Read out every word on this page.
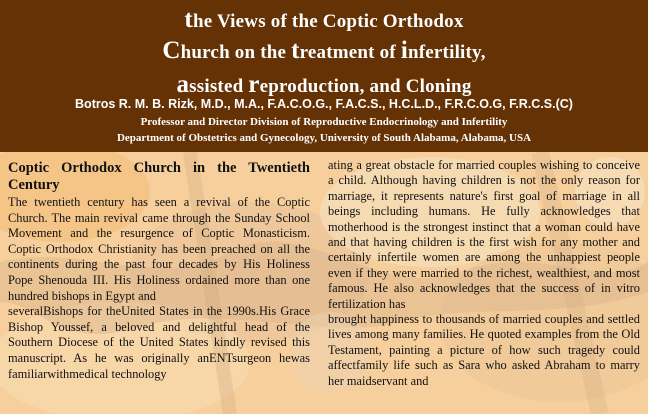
the Views of the Coptic Orthodox
Church on the treatment of infertility,
assisted reproduction, and Cloning
Botros R. M. B. Rizk, M.D., M.A., F.A.C.O.G., F.A.C.S., H.C.L.D., F.R.C.O.G, F.R.C.S.(C)
Professor and Director Division of Reproductive Endocrinology and Infertility
Department of Obstetrics and Gynecology, University of South Alabama, Alabama, USA
Coptic Orthodox Church in the Twentieth Century

The twentieth century has seen a revival of the Coptic Church. The main revival came through the Sunday School Movement and the resurgence of Coptic Monasticism. Coptic Orthodox Christianity has been preached on all the continents during the past four decades by His Holiness Pope Shenouda III. His Holiness ordained more than one hundred bishops in Egypt and

severalBishops for theUnited States in the 1990s.His Grace Bishop Youssef, a beloved and delightful head of the Southern Diocese of the United States kindly revised this manuscript. As he was originally anENTsurgeon hewas familiarwithmedical technology

ating a great obstacle for married couples wishing to conceive a child. Although having children is not the only reason for marriage, it represents nature's first goal of marriage in all beings including humans. He fully acknowledges that motherhood is the strongest instinct that a woman could have and that having children is the first wish for any mother and certainly infertile women are among the unhappiest people even if they were married to the richest, wealthiest, and most famous. He also acknowledges that the success of in vitro fertilization has

brought happiness to thousands of married couples and settled lives among many families. He quoted examples from the Old Testament, painting a picture of how such tragedy could affectfamily life such as Sara who asked Abraham to marry her maidservant and
